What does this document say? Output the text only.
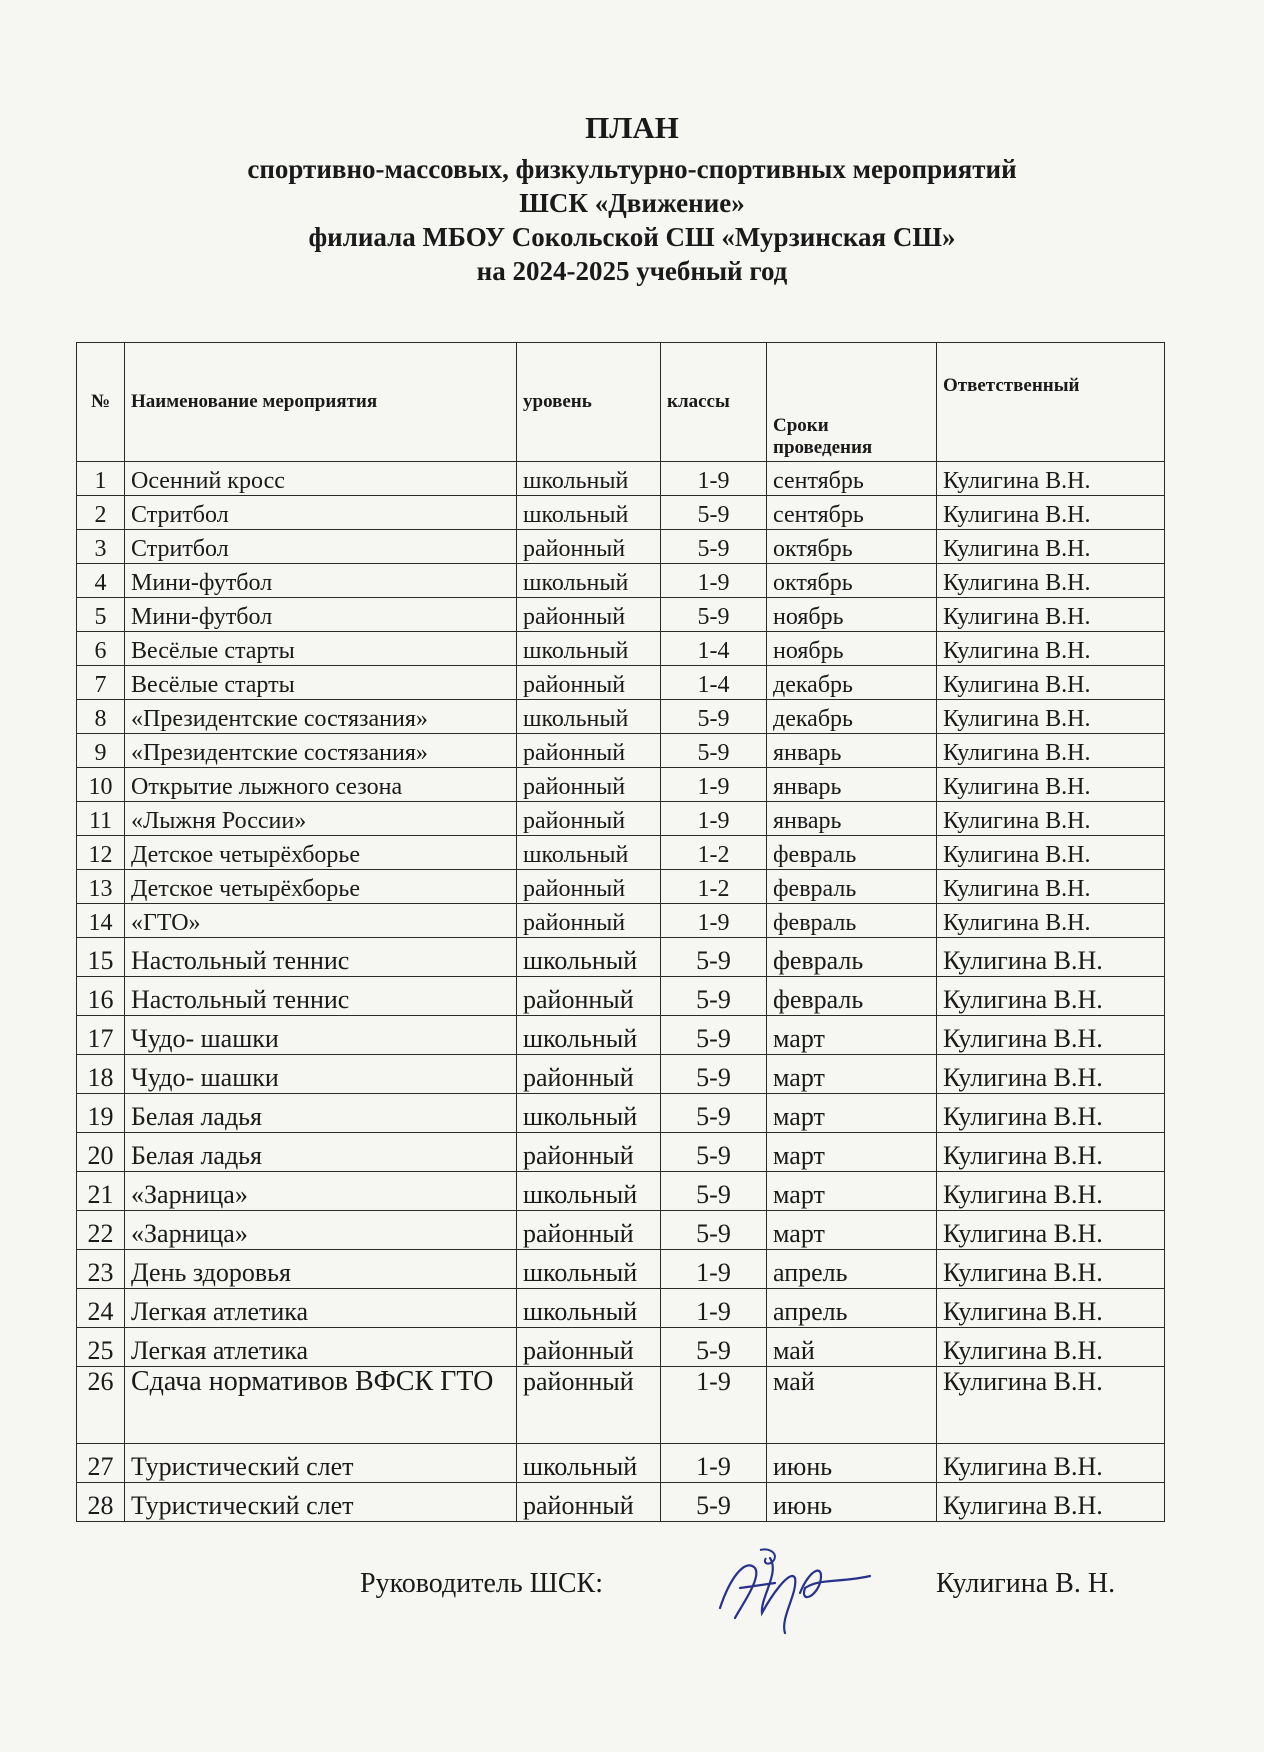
ПЛАН
спортивно-массовых, физкультурно-спортивных мероприятий
ШСК «Движение»
филиала МБОУ Сокольской СШ «Мурзинская СШ»
на 2024-2025 учебный год
№	Наименование мероприятия	уровень	классы	Сроки проведения	Ответственный
1	Осенний кросс	школьный	1-9	сентябрь	Кулигина В.Н.
2	Стритбол	школьный	5-9	сентябрь	Кулигина В.Н.
3	Стритбол	районный	5-9	октябрь	Кулигина В.Н.
4	Мини-футбол	школьный	1-9	октябрь	Кулигина В.Н.
5	Мини-футбол	районный	5-9	ноябрь	Кулигина В.Н.
6	Весёлые старты	школьный	1-4	ноябрь	Кулигина В.Н.
7	Весёлые старты	районный	1-4	декабрь	Кулигина В.Н.
8	«Президентские состязания»	школьный	5-9	декабрь	Кулигина В.Н.
9	«Президентские состязания»	районный	5-9	январь	Кулигина В.Н.
10	Открытие лыжного сезона	районный	1-9	январь	Кулигина В.Н.
11	«Лыжня России»	районный	1-9	январь	Кулигина В.Н.
12	Детское четырёхборье	школьный	1-2	февраль	Кулигина В.Н.
13	Детское четырёхборье	районный	1-2	февраль	Кулигина В.Н.
14	«ГТО»	районный	1-9	февраль	Кулигина В.Н.
15	Настольный теннис	школьный	5-9	февраль	Кулигина В.Н.
16	Настольный теннис	районный	5-9	февраль	Кулигина В.Н.
17	Чудо- шашки	школьный	5-9	март	Кулигина В.Н.
18	Чудо- шашки	районный	5-9	март	Кулигина В.Н.
19	Белая ладья	школьный	5-9	март	Кулигина В.Н.
20	Белая ладья	районный	5-9	март	Кулигина В.Н.
21	«Зарница»	школьный	5-9	март	Кулигина В.Н.
22	«Зарница»	районный	5-9	март	Кулигина В.Н.
23	День здоровья	школьный	1-9	апрель	Кулигина В.Н.
24	Легкая атлетика	школьный	1-9	апрель	Кулигина В.Н.
25	Легкая атлетика	районный	5-9	май	Кулигина В.Н.
26	Сдача нормативов ВФСК ГТО	районный	1-9	май	Кулигина В.Н.
27	Туристический слет	школьный	1-9	июнь	Кулигина В.Н.
28	Туристический слет	районный	5-9	июнь	Кулигина В.Н.
Руководитель ШСК:	Кулигина В. Н.
